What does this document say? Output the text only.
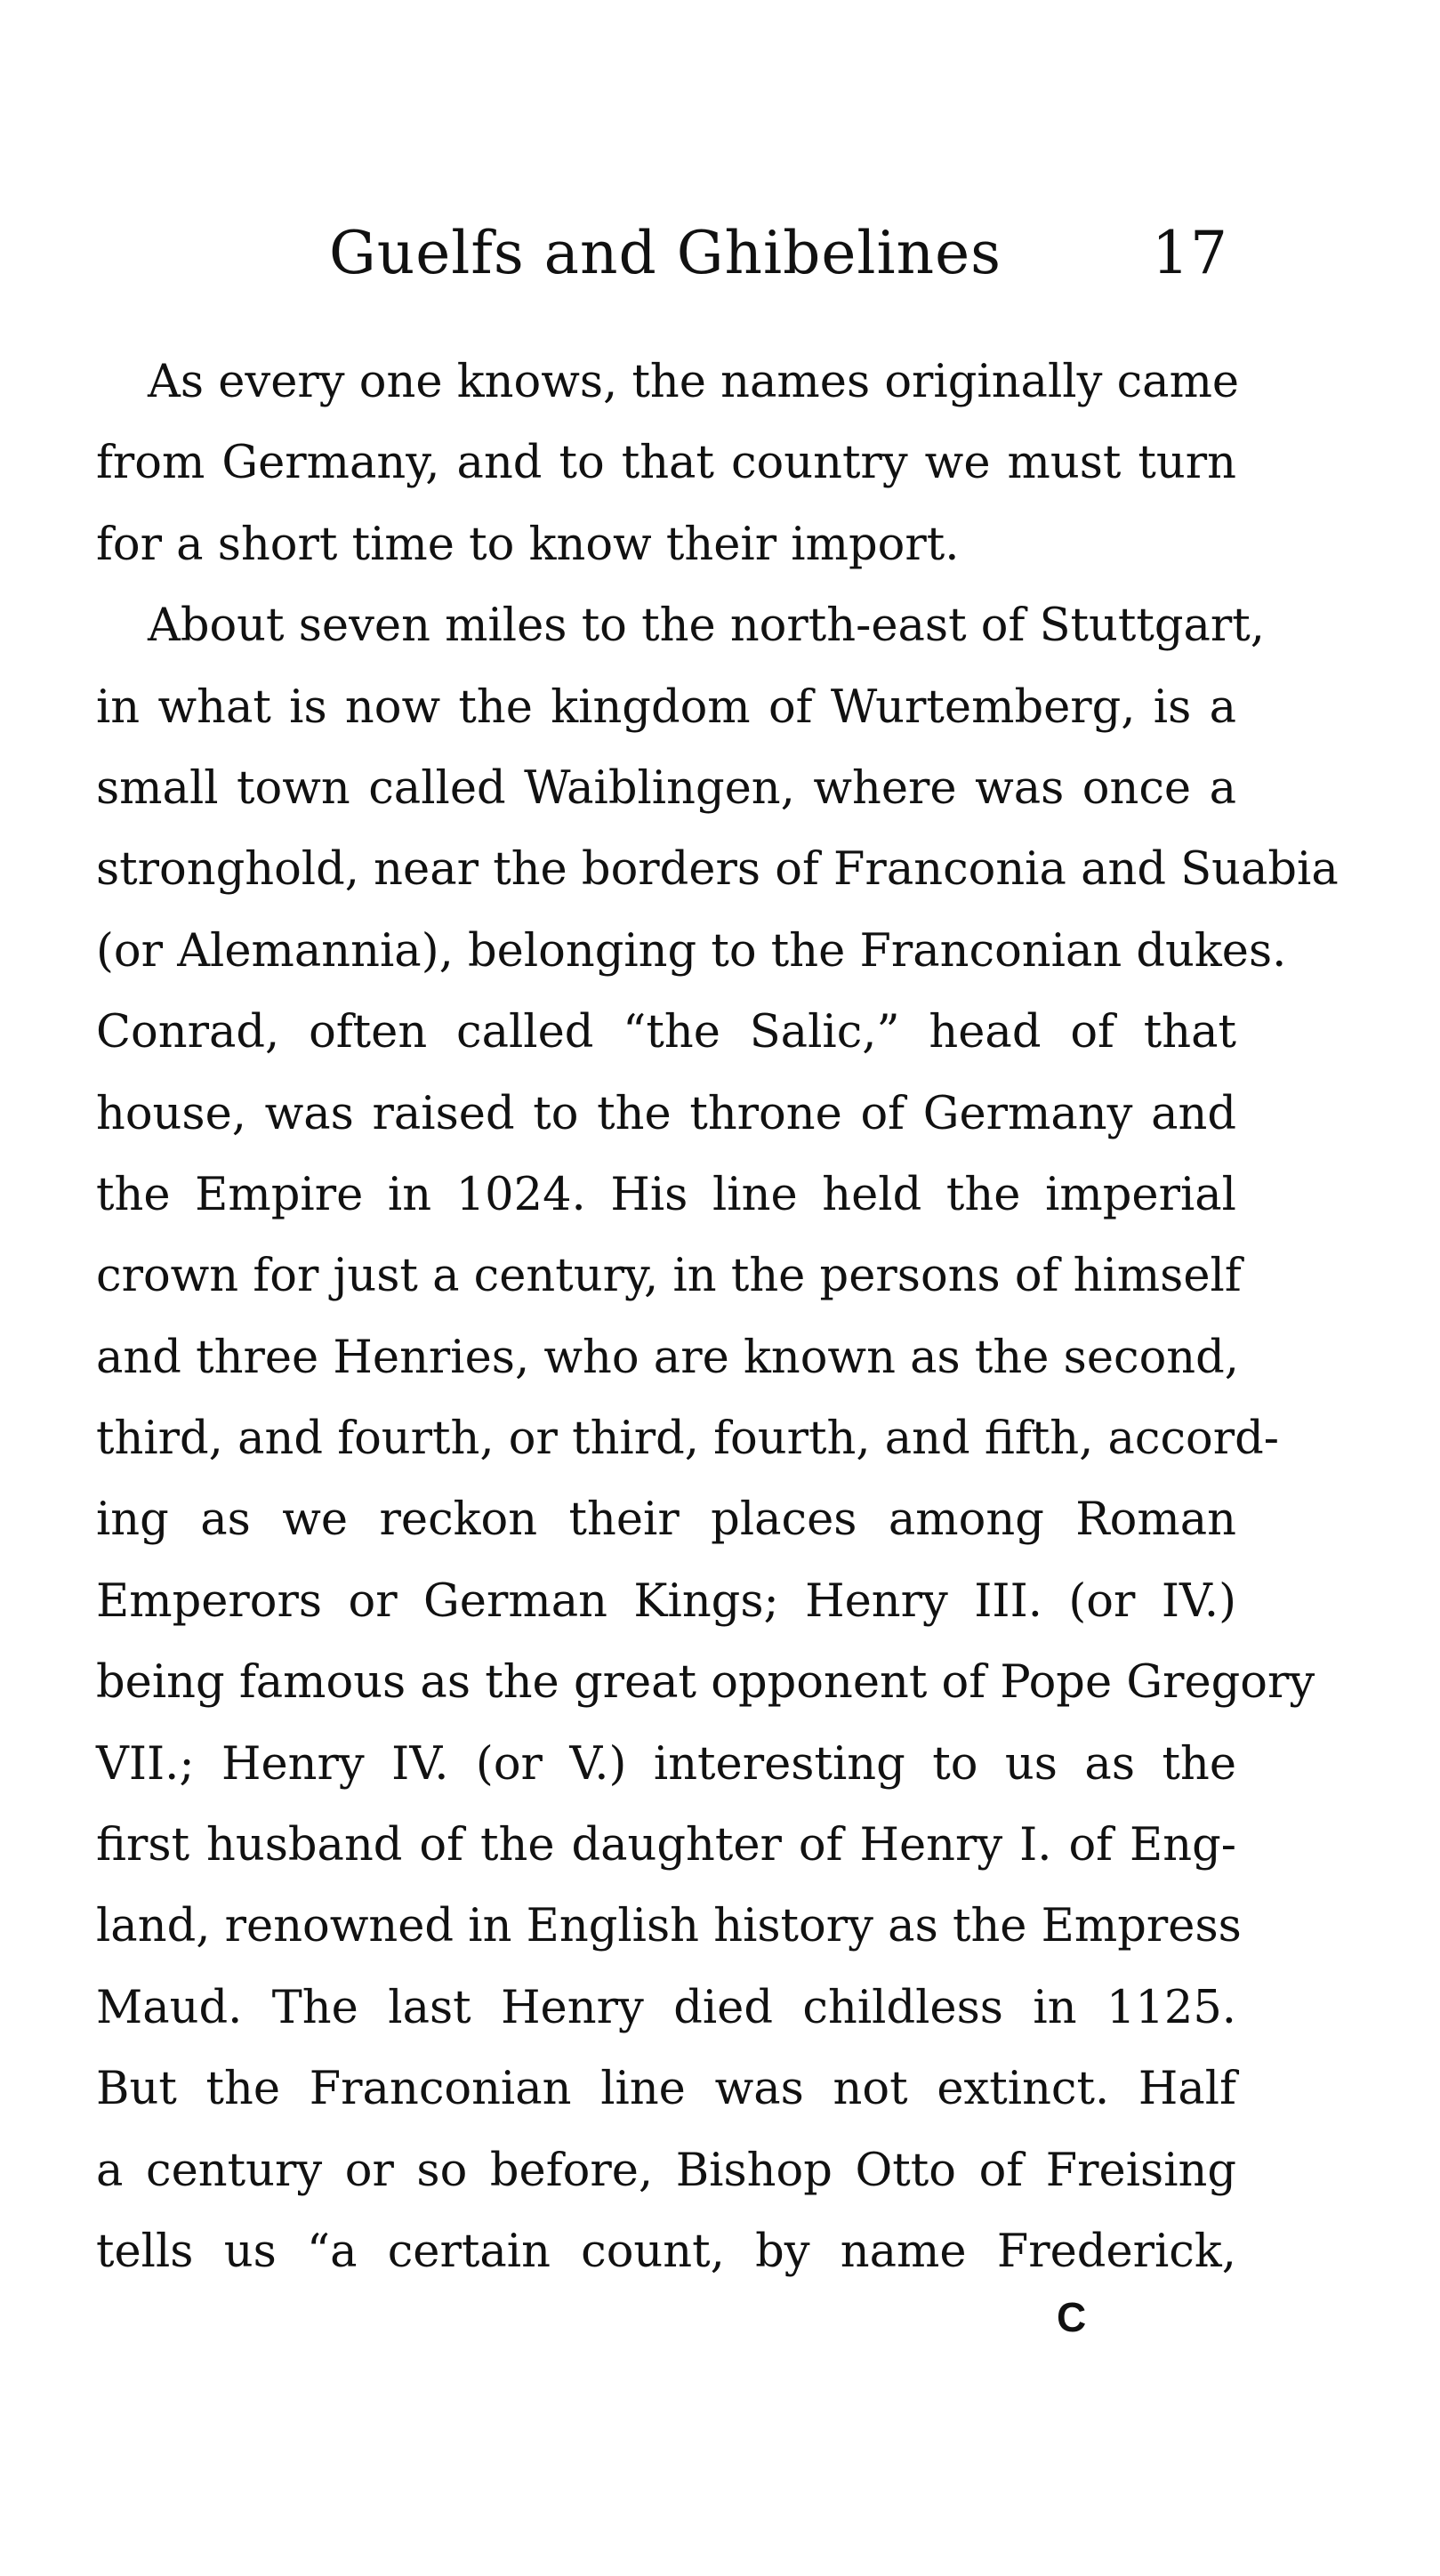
Guelfs and Ghibelines	17
As every one knows, the names originally came
from Germany, and to that country we must turn
for a short time to know their import.
About seven miles to the north-east of Stuttgart,
in what is now the kingdom of Wurtemberg, is a
small town called Waiblingen, where was once a
stronghold, near the borders of Franconia and Suabia
(or Alemannia), belonging to the Franconian dukes.
Conrad, often called “the Salic,” head of that
house, was raised to the throne of Germany and
the Empire in 1024. His line held the imperial
crown for just a century, in the persons of himself
and three Henries, who are known as the second,
third, and fourth, or third, fourth, and fifth, accord-
ing as we reckon their places among Roman
Emperors or German Kings; Henry III. (or IV.)
being famous as the great opponent of Pope Gregory
VII.; Henry IV. (or V.) interesting to us as the
first husband of the daughter of Henry I. of Eng-
land, renowned in English history as the Empress
Maud. The last Henry died childless in 1125.
But the Franconian line was not extinct. Half
a century or so before, Bishop Otto of Freising
tells us “a certain count, by name Frederick,
C
